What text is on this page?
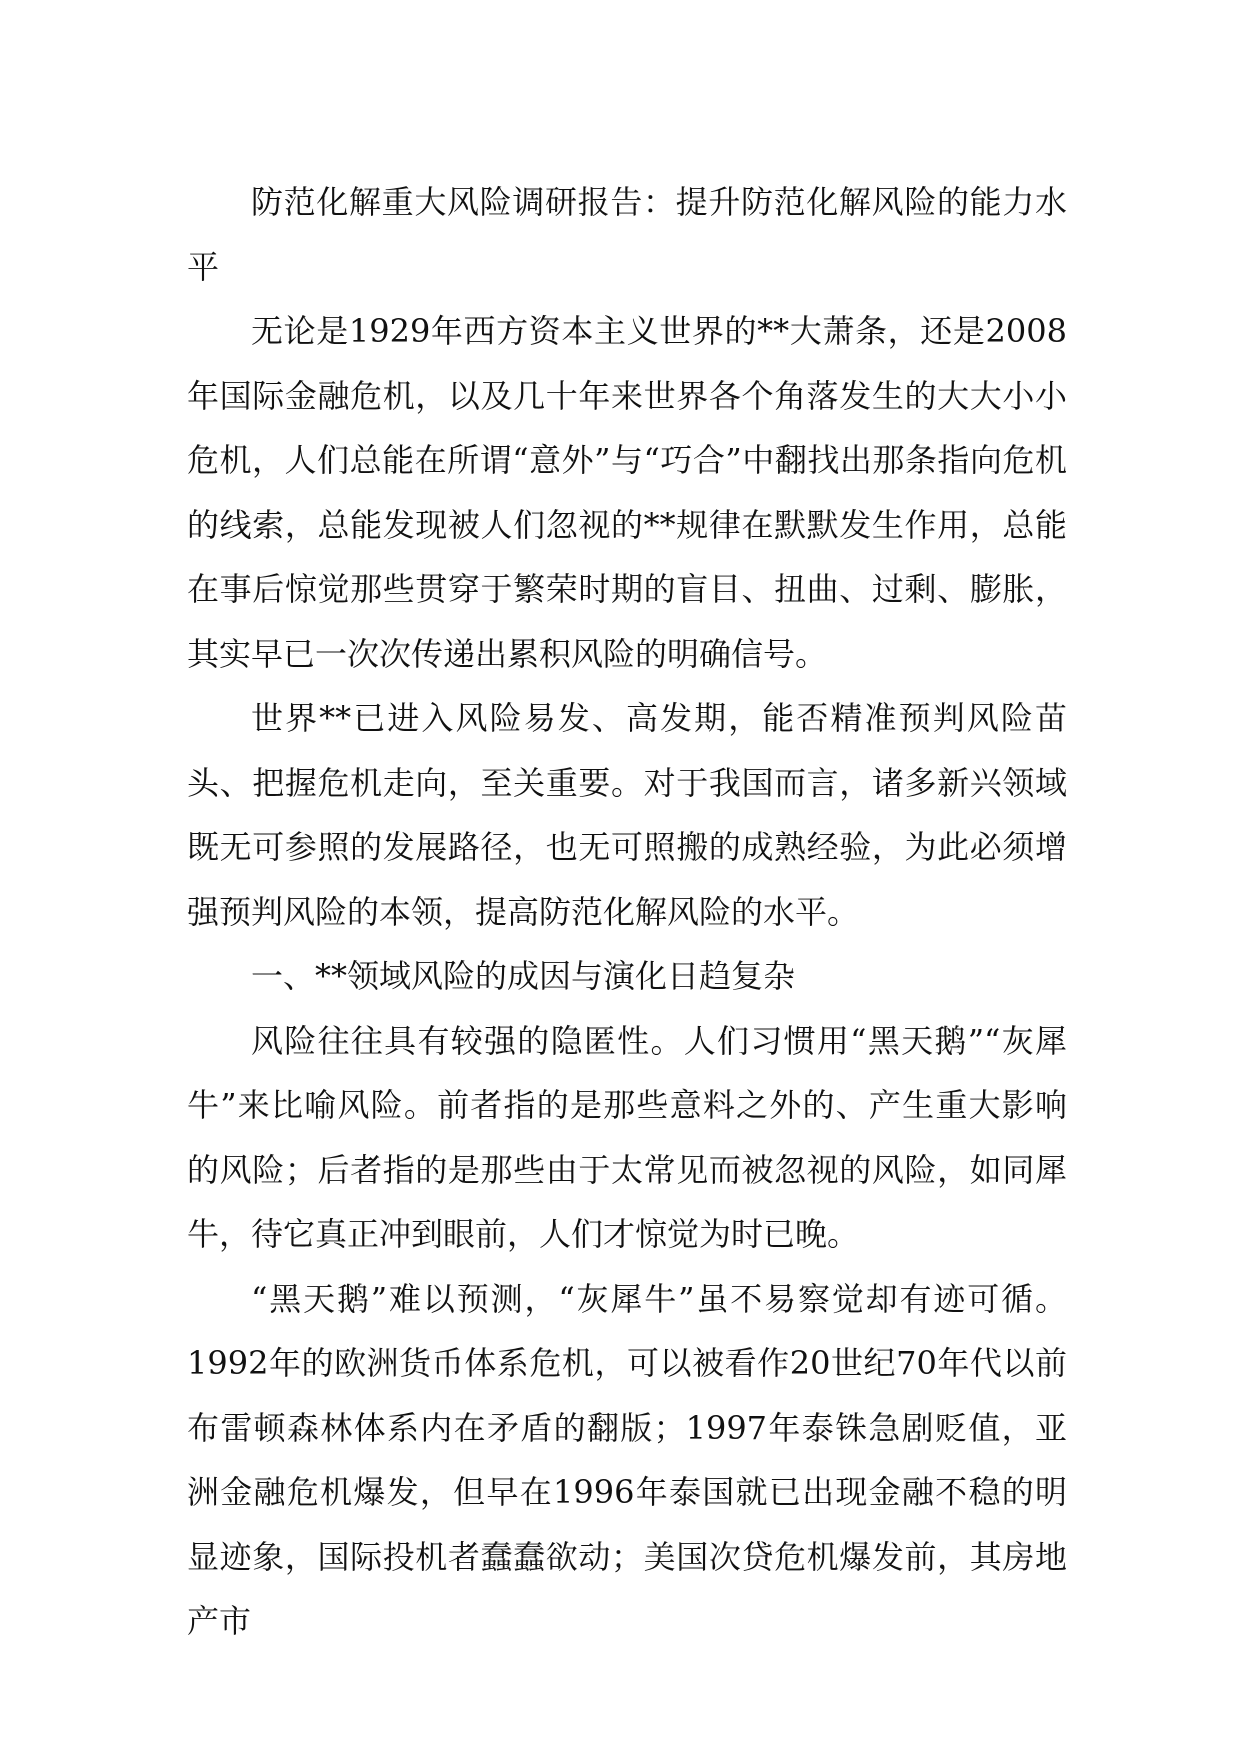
防范化解重大风险调研报告：提升防范化解风险的能力水平

无论是1929年西方资本主义世界的**大萧条，还是2008年国际金融危机，以及几十年来世界各个角落发生的大大小小危机，人们总能在所谓“意外”与“巧合”中翻找出那条指向危机的线索，总能发现被人们忽视的**规律在默默发生作用，总能在事后惊觉那些贯穿于繁荣时期的盲目、扭曲、过剩、膨胀，其实早已一次次传递出累积风险的明确信号。

世界**已进入风险易发、高发期，能否精准预判风险苗头、把握危机走向，至关重要。对于我国而言，诸多新兴领域既无可参照的发展路径，也无可照搬的成熟经验，为此必须增强预判风险的本领，提高防范化解风险的水平。

一、**领域风险的成因与演化日趋复杂

风险往往具有较强的隐匿性。人们习惯用“黑天鹅”“灰犀牛”来比喻风险。前者指的是那些意料之外的、产生重大影响的风险；后者指的是那些由于太常见而被忽视的风险，如同犀牛，待它真正冲到眼前，人们才惊觉为时已晚。

“黑天鹅”难以预测，“灰犀牛”虽不易察觉却有迹可循。1992年的欧洲货币体系危机，可以被看作20世纪70年代以前布雷顿森林体系内在矛盾的翻版；1997年泰铢急剧贬值，亚洲金融危机爆发，但早在1996年泰国就已出现金融不稳的明显迹象，国际投机者蠢蠢欲动；美国次贷危机爆发前，其房地产市
